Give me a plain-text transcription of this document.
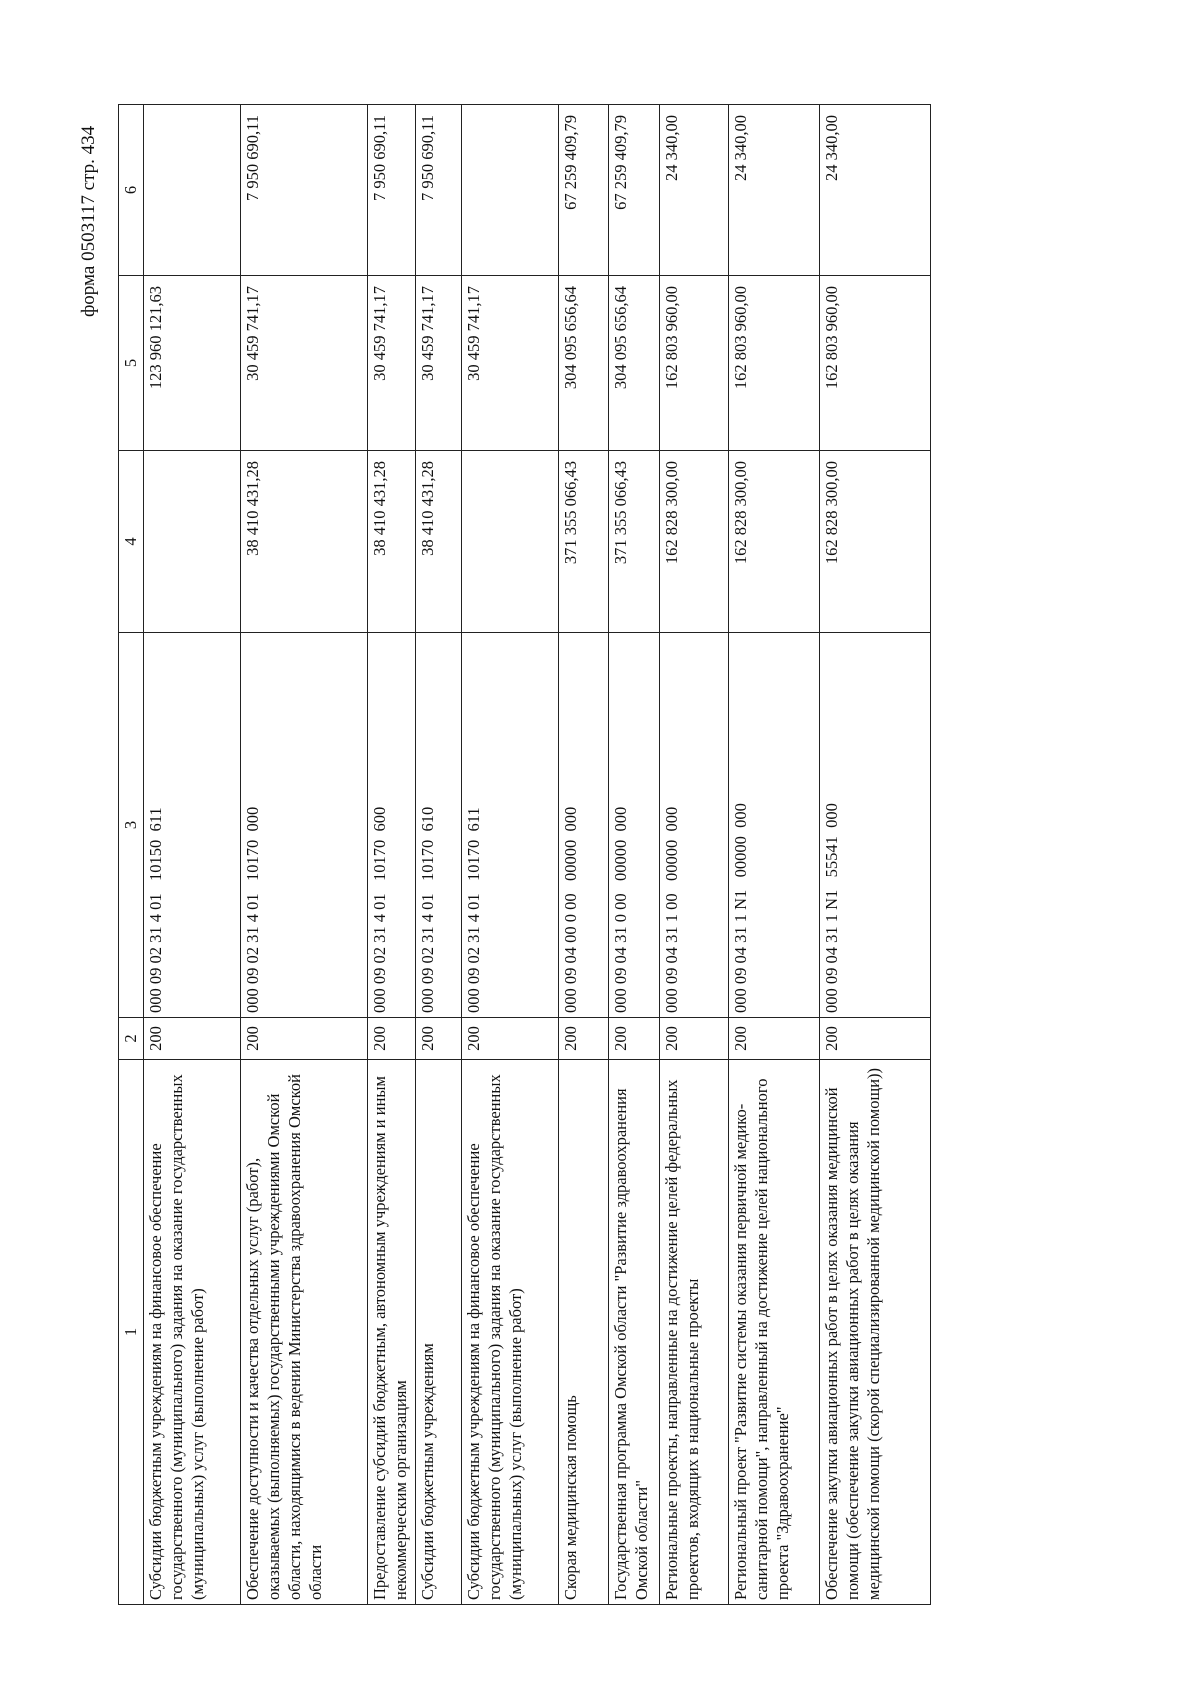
форма 0503117 стр. 434
1	2	3	4	5	6
Субсидии бюджетным учреждениям на финансовое обеспечение государственного (муниципального) задания на оказание государственных (муниципальных) услуг (выполнение работ)	200	000 09 02 31 4 01   10150  611		123 960 121,63	
Обеспечение доступности и качества отдельных услуг (работ), оказываемых (выполняемых) государственными учреждениями Омской области, находящимися в ведении Министерства здравоохранения Омской области	200	000 09 02 31 4 01   10170  000	38 410 431,28	30 459 741,17	7 950 690,11
Предоставление субсидий бюджетным, автономным учреждениям и иным некоммерческим организациям	200	000 09 02 31 4 01   10170  600	38 410 431,28	30 459 741,17	7 950 690,11
Субсидии бюджетным учреждениям	200	000 09 02 31 4 01   10170  610	38 410 431,28	30 459 741,17	7 950 690,11
Субсидии бюджетным учреждениям на финансовое обеспечение государственного (муниципального) задания на оказание государственных (муниципальных) услуг (выполнение работ)	200	000 09 02 31 4 01   10170  611		30 459 741,17	
Скорая медицинская помощь	200	000 09 04 00 0 00   00000  000	371 355 066,43	304 095 656,64	67 259 409,79
Государственная программа Омской области "Развитие здравоохранения Омской области"	200	000 09 04 31 0 00   00000  000	371 355 066,43	304 095 656,64	67 259 409,79
Региональные проекты, направленные на достижение целей федеральных проектов, входящих в национальные проекты	200	000 09 04 31 1 00   00000  000	162 828 300,00	162 803 960,00	24 340,00
Региональный проект "Развитие системы оказания первичной медико-санитарной помощи", направленный на достижение целей национального проекта "Здравоохранение"	200	000 09 04 31 1 N1   00000  000	162 828 300,00	162 803 960,00	24 340,00
Обеспечение закупки авиационных работ в целях оказания медицинской помощи (обеспечение закупки авиационных работ в целях оказания медицинской помощи (скорой специализированной медицинской помощи))	200	000 09 04 31 1 N1   55541  000	162 828 300,00	162 803 960,00	24 340,00
